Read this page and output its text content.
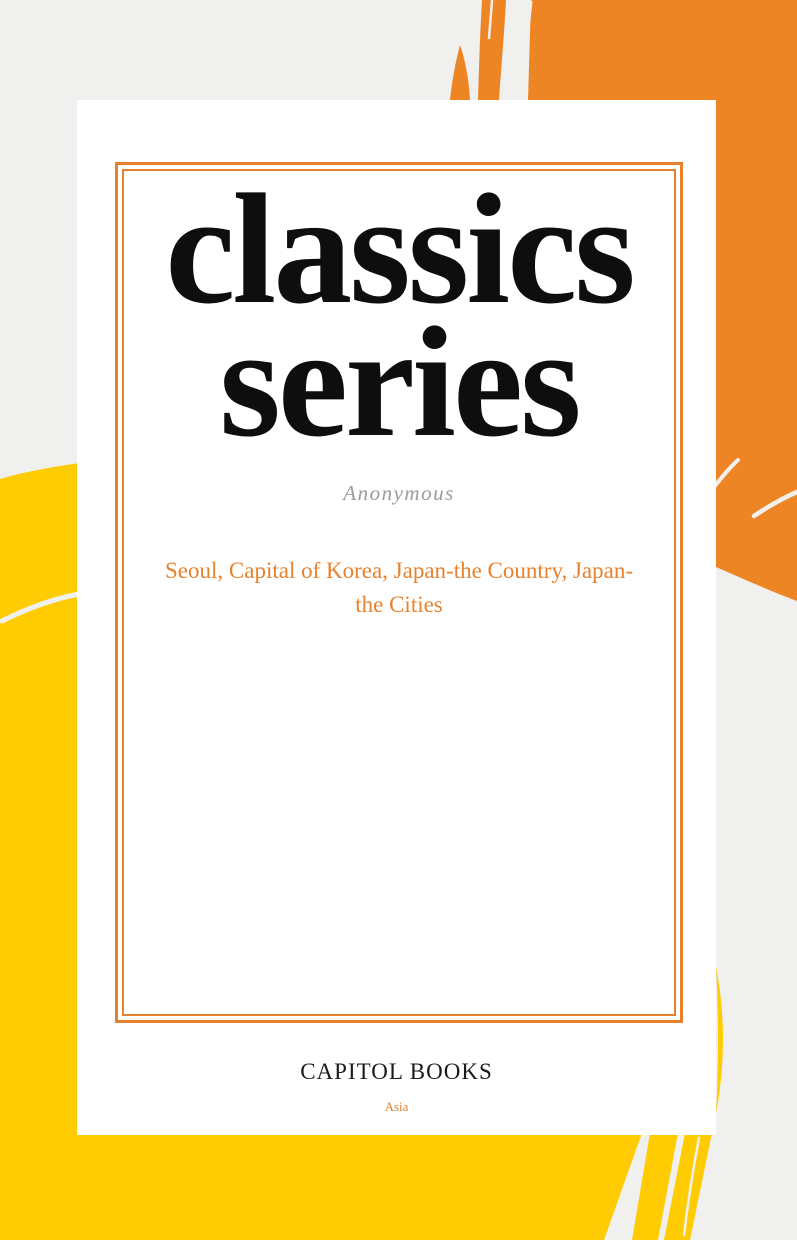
classics series
Anonymous
Seoul, Capital of Korea, Japan-the Country, Japan-the Cities
CAPITOL BOOKS
Asia
